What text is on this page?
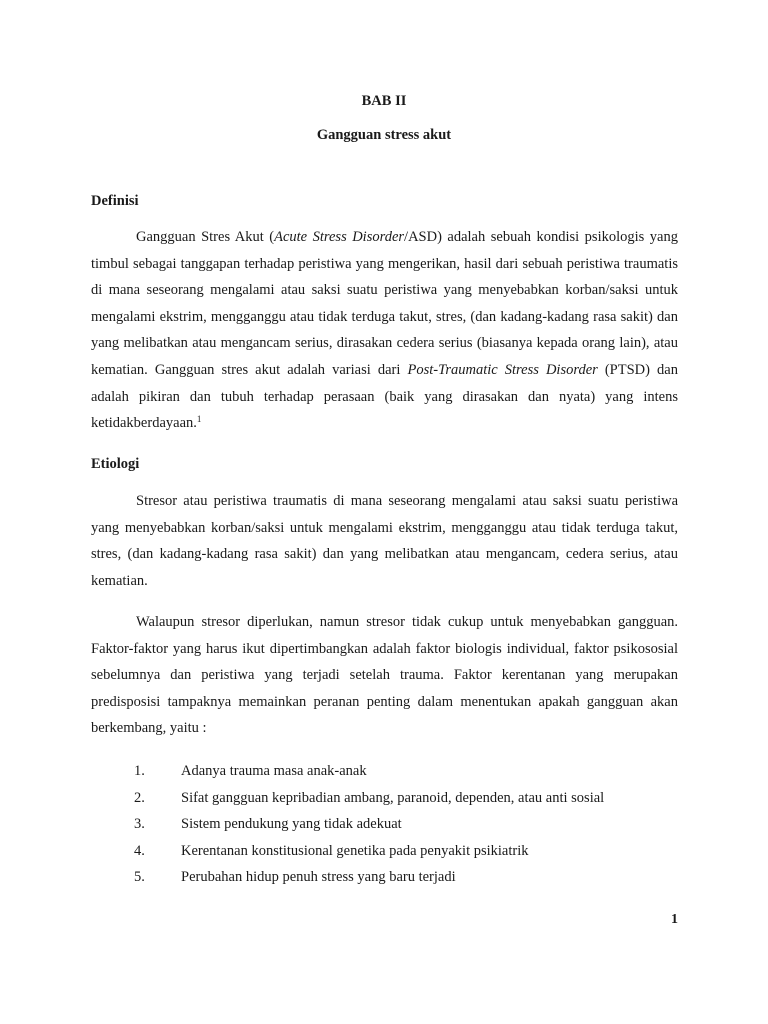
BAB II
Gangguan stress akut
Definisi
Gangguan Stres Akut (Acute Stress Disorder/ASD) adalah sebuah kondisi psikologis yang timbul sebagai tanggapan terhadap peristiwa yang mengerikan, hasil dari sebuah peristiwa traumatis di mana seseorang mengalami atau saksi suatu peristiwa yang menyebabkan korban/saksi untuk mengalami ekstrim, mengganggu atau tidak terduga takut, stres, (dan kadang-kadang rasa sakit) dan yang melibatkan atau mengancam serius, dirasakan cedera serius (biasanya kepada orang lain), atau kematian. Gangguan stres akut adalah variasi dari Post-Traumatic Stress Disorder (PTSD) dan adalah pikiran dan tubuh terhadap perasaan (baik yang dirasakan dan nyata) yang intens ketidakberdayaan.$^1$
Etiologi
Stresor atau peristiwa traumatis di mana seseorang mengalami atau saksi suatu peristiwa yang menyebabkan korban/saksi untuk mengalami ekstrim, mengganggu atau tidak terduga takut, stres, (dan kadang-kadang rasa sakit) dan yang melibatkan atau mengancam, cedera serius, atau kematian.
Walaupun stresor diperlukan, namun stresor tidak cukup untuk menyebabkan gangguan. Faktor-faktor yang harus ikut dipertimbangkan adalah faktor biologis individual, faktor psikososial sebelumnya dan peristiwa yang terjadi setelah trauma. Faktor kerentanan yang merupakan predisposisi tampaknya memainkan peranan penting dalam menentukan apakah gangguan akan berkembang, yaitu :
1. Adanya trauma masa anak-anak
2. Sifat gangguan kepribadian ambang, paranoid, dependen, atau anti sosial
3. Sistem pendukung yang tidak adekuat
4. Kerentanan konstitusional genetika pada penyakit psikiatrik
5. Perubahan hidup penuh stress yang baru terjadi
1
